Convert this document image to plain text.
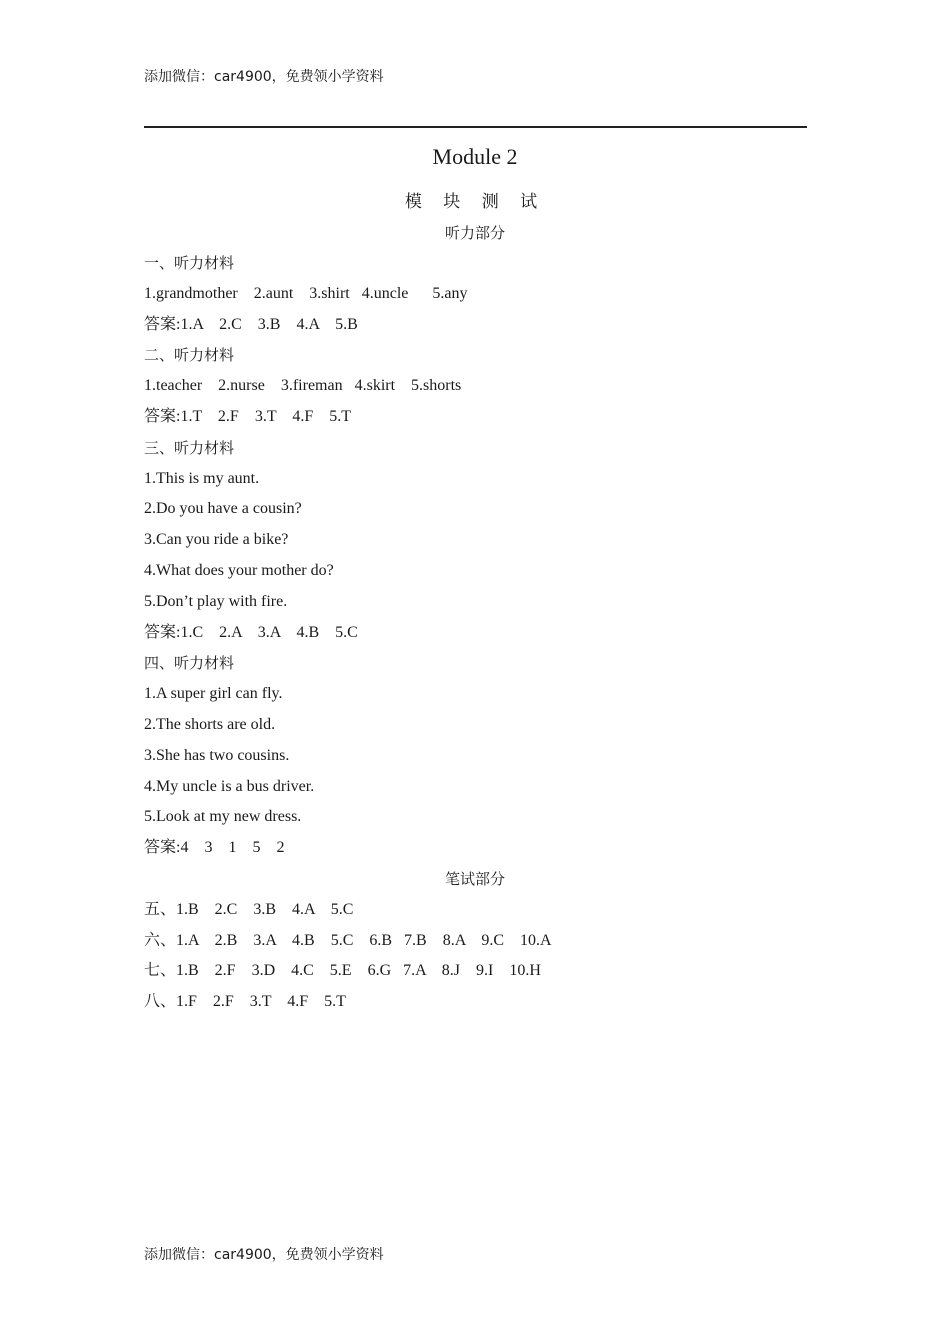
添加微信：car4900，免费领小学资料
Module 2
模 块 测 试
听力部分
一、听力材料
1.grandmother    2.aunt    3.shirt   4.uncle      5.any
答案:1.A    2.C    3.B    4.A    5.B
二、听力材料
1.teacher    2.nurse    3.fireman   4.skirt    5.shorts
答案:1.T    2.F    3.T    4.F    5.T
三、听力材料
1.This is my aunt.
2.Do you have a cousin?
3.Can you ride a bike?
4.What does your mother do?
5.Don’t play with fire.
答案:1.C    2.A    3.A    4.B    5.C
四、听力材料
1.A super girl can fly.
2.The shorts are old.
3.She has two cousins.
4.My uncle is a bus driver.
5.Look at my new dress.
答案:4    3    1    5    2
笔试部分
五、1.B    2.C    3.B    4.A    5.C
六、1.A    2.B    3.A    4.B    5.C    6.B   7.B    8.A    9.C    10.A
七、1.B    2.F    3.D    4.C    5.E    6.G   7.A    8.J    9.I    10.H
八、1.F    2.F    3.T    4.F    5.T
添加微信：car4900，免费领小学资料
